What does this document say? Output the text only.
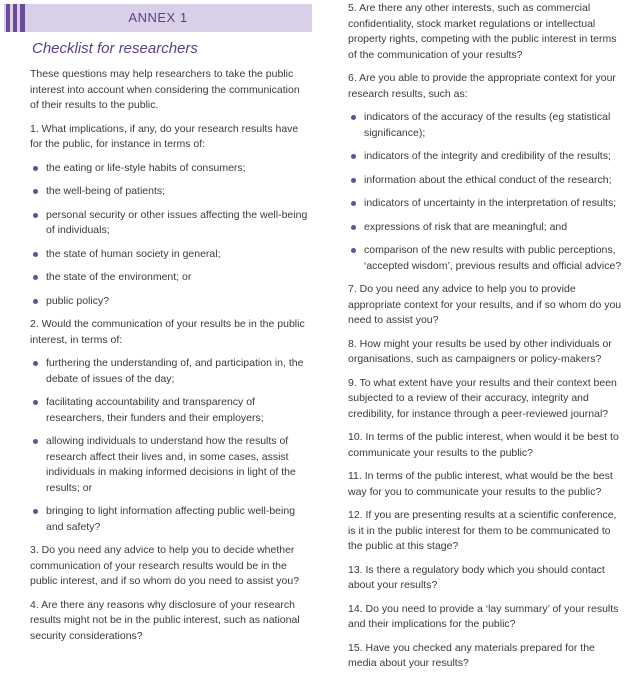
ANNEX 1
Checklist for researchers

These questions may help researchers to take the public interest into account when considering the communication of their results to the public.

1. What implications, if any, do your research results have for the public, for instance in terms of:

the eating or life-style habits of consumers;
the well-being of patients;
personal security or other issues affecting the well-being of individuals;
the state of human society in general;
the state of the environment; or
public policy?

2. Would the communication of your results be in the public interest, in terms of:

furthering the understanding of, and participation in, the debate of issues of the day;
facilitating accountability and transparency of researchers, their funders and their employers;
allowing individuals to understand how the results of research affect their lives and, in some cases, assist individuals in making informed decisions in light of the results; or
bringing to light information affecting public well-being and safety?

3. Do you need any advice to help you to decide whether communication of your research results would be in the public interest, and if so whom do you need to assist you?

4. Are there any reasons why disclosure of your research results might not be in the public interest, such as national security considerations?

5. Are there any other interests, such as commercial confidentiality, stock market regulations or intellectual property rights, competing with the public interest in terms of the communication of your results?

6. Are you able to provide the appropriate context for your research results, such as:

indicators of the accuracy of the results (eg statistical significance);
indicators of the integrity and credibility of the results;
information about the ethical conduct of the research;
indicators of uncertainty in the interpretation of results;
expressions of risk that are meaningful; and
comparison of the new results with public perceptions, ‘accepted wisdom’, previous results and official advice?

7. Do you need any advice to help you to provide appropriate context for your results, and if so whom do you need to assist you?

8. How might your results be used by other individuals or organisations, such as campaigners or policy-makers?

9. To what extent have your results and their context been subjected to a review of their accuracy, integrity and credibility, for instance through a peer-reviewed journal?

10. In terms of the public interest, when would it be best to communicate your results to the public?

11. In terms of the public interest, what would be the best way for you to communicate your results to the public?

12. If you are presenting results at a scientific conference, is it in the public interest for them to be communicated to the public at this stage?

13. Is there a regulatory body which you should contact about your results?

14. Do you need to provide a ‘lay summary’ of your results and their implications for the public?

15. Have you checked any materials prepared for the media about your results?
